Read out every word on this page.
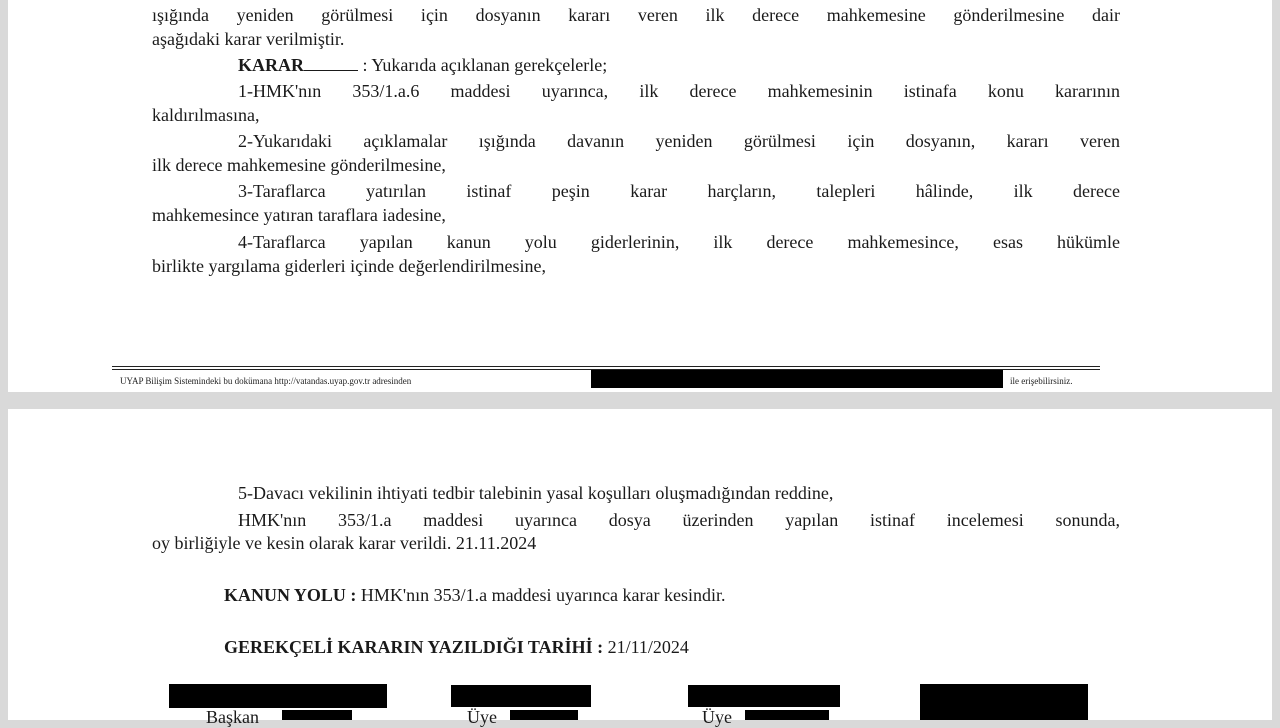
ışığında yeniden görülmesi için dosyanın kararı veren ilk derece mahkemesine gönderilmesine dair
aşağıdaki karar verilmiştir.
KARAR	: Yukarıda açıklanan gerekçelerle;
1-HMK'nın 353/1.a.6 maddesi uyarınca, ilk derece mahkemesinin istinafa konu kararının
kaldırılmasına,
2-Yukarıdaki açıklamalar ışığında davanın yeniden görülmesi için dosyanın, kararı veren
ilk derece mahkemesine gönderilmesine,
3-Taraflarca yatırılan istinaf peşin karar harçların, talepleri hâlinde, ilk derece
mahkemesince yatıran taraflara iadesine,
4-Taraflarca yapılan kanun yolu giderlerinin, ilk derece mahkemesince, esas hükümle
birlikte yargılama giderleri içinde değerlendirilmesine,
UYAP Bilişim Sistemindeki bu dokümana http://vatandas.uyap.gov.tr adresinden	ile erişebilirsiniz.
5-Davacı vekilinin ihtiyati tedbir talebinin yasal koşulları oluşmadığından reddine,
HMK'nın 353/1.a maddesi uyarınca dosya üzerinden yapılan istinaf incelemesi sonunda,
oy birliğiyle ve kesin olarak karar verildi. 21.11.2024
KANUN YOLU : HMK'nın 353/1.a maddesi uyarınca karar kesindir.
GEREKÇELİ KARARIN YAZILDIĞI TARİHİ : 21/11/2024
Başkan	Üye	Üye
